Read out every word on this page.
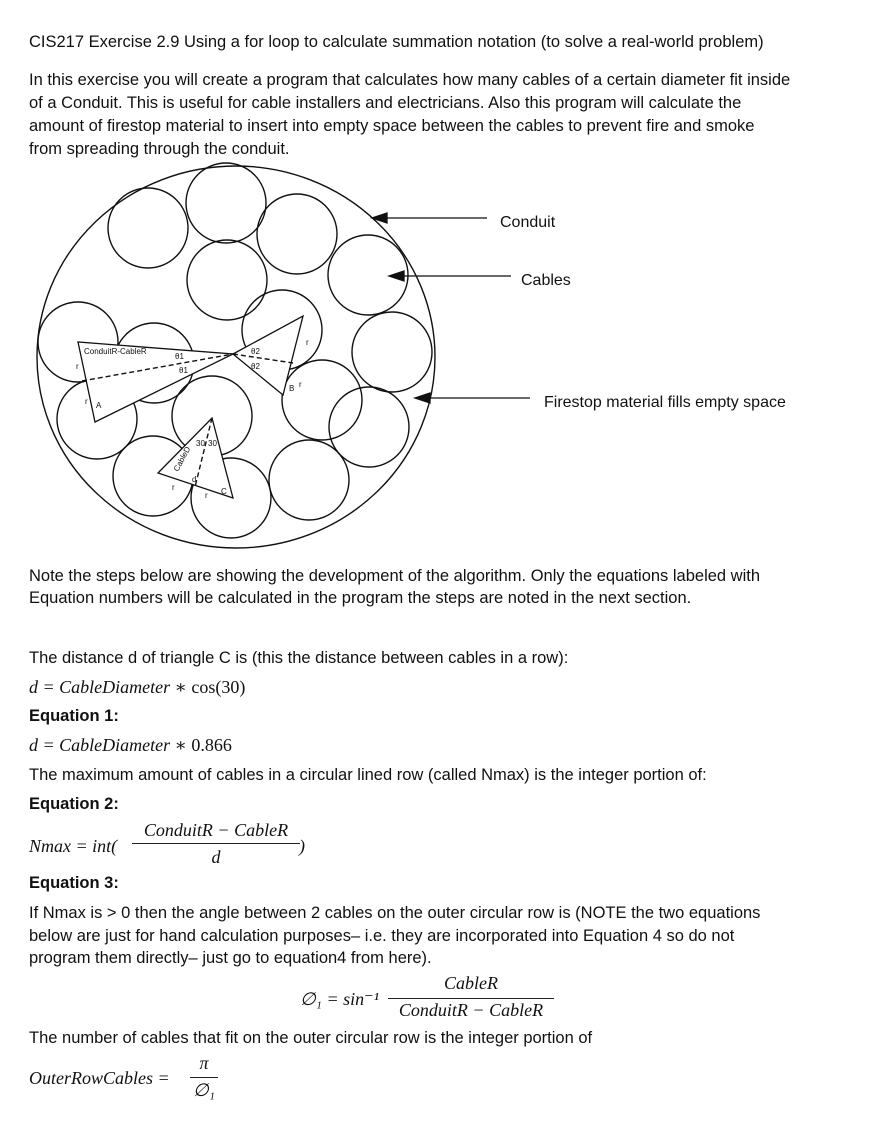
CIS217 Exercise 2.9 Using a for loop to calculate summation notation (to solve a real-world problem)
In this exercise you will create a program that calculates how many cables of a certain diameter fit inside
of a Conduit. This is useful for cable installers and electricians. Also this program will calculate the
amount of firestop material to insert into empty space between the cables to prevent fire and smoke
from spreading through the conduit.
ConduitR-CableR
θ1
θ1
θ2
θ2
r
r A
r
B r
30 30
d
r
r C
CableD
Conduit
Cables
Firestop material fills empty space
Note the steps below are showing the development of the algorithm. Only the equations labeled with
Equation numbers will be calculated in the program the steps are noted in the next section.
The distance d of triangle C is (this the distance between cables in a row):
d = CableDiameter ∗ cos(30)
Equation 1:
d = CableDiameter ∗ 0.866
The maximum amount of cables in a circular lined row (called Nmax) is the integer portion of:
Equation 2:
Nmax = int(
ConduitR − CableR
d
)
Equation 3:
If Nmax is > 0 then the angle between 2 cables on the outer circular row is (NOTE the two equations
below are just for hand calculation purposes– i.e. they are incorporated into Equation 4 so do not
program them directly– just go to equation4 from here).
∅₁ = sin⁻¹
CableR
ConduitR − CableR
The number of cables that fit on the outer circular row is the integer portion of
OuterRowCables =
π
∅₁
